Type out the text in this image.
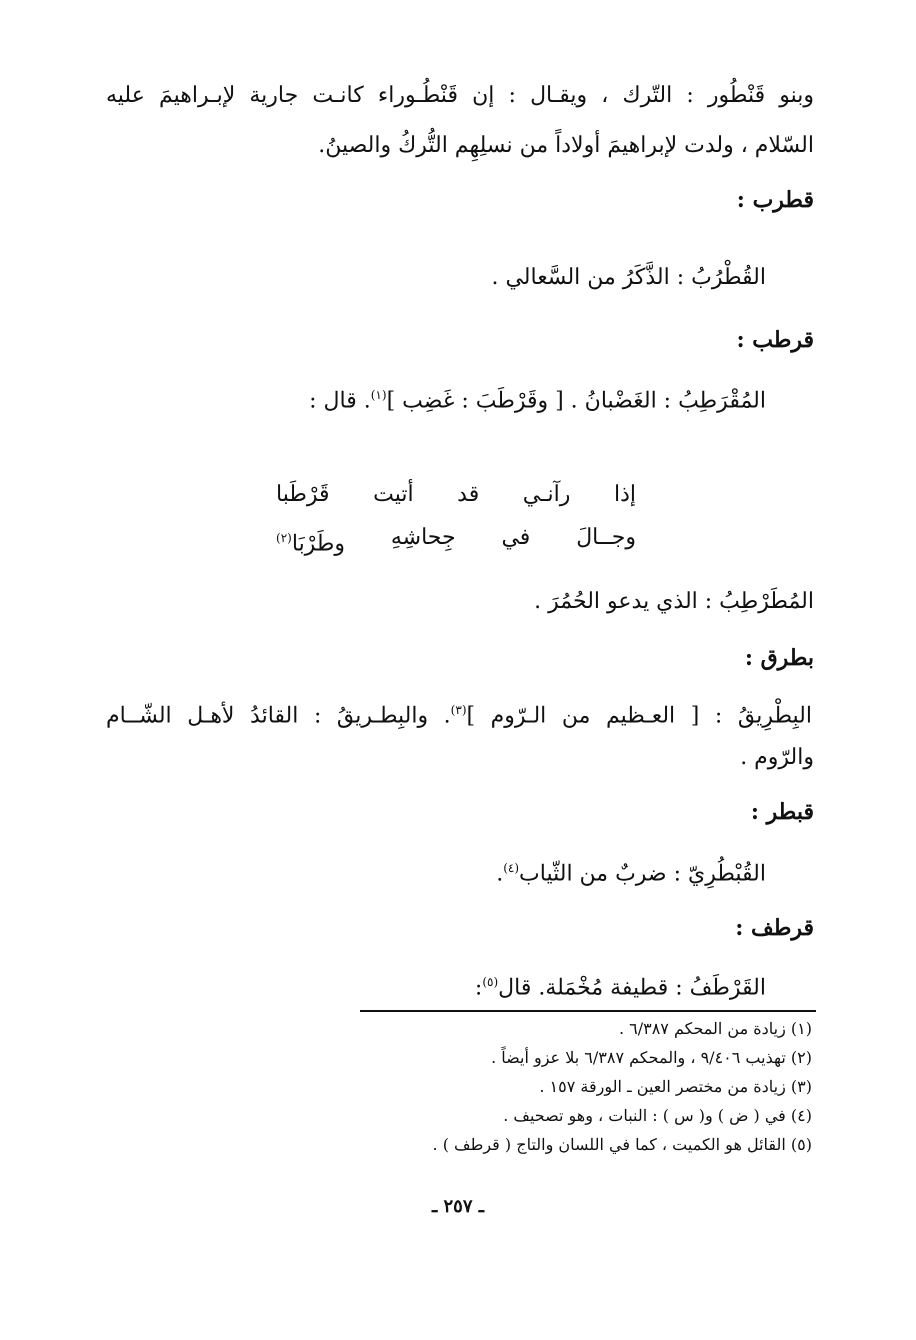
وبنو قَنْطُور : التّرك ، ويقـال : إن قَنْطُـوراء كانـت جارية لإبـراهيمَ عليه
السّلام ، ولدت لإبراهيمَ أولاداً من نسلِهِم التُّركُ والصينُ.
قطرب :
القُطْرُبُ : الذَّكَرُ من السَّعالي .
قرطب :
المُقْرَطِبُ : الغَضْبانُ . [ وقَرْطَبَ : غَضِب ]$^{(١)}$. قال :
إذا
رآنـي
قد
أتيت
قَرْطَبا
وجــالَ
في
جِحاشِهِ
وطَرْبَا$^{(٢)}$
المُطَرْطِبُ : الذي يدعو الحُمُرَ .
بطرق :
البِطْرِيقُ : [ العـظيم من الـرّوم ]$^{(٣)}$. والبِطـريقُ : القائدُ لأهـل الشّــام
والرّوم .
قبطر :
القُبْطُرِيّ : ضربٌ من الثّياب$^{(٤)}$.
قرطف :
القَرْطَفُ : قطيفة مُخْمَلة. قال$^{(٥)}$:
(١) زيادة من المحكم ٦/٣٨٧ .
(٢) تهذيب ٩/٤٠٦ ، والمحكم ٦/٣٨٧ بلا عزو أيضاً .
(٣) زيادة من مختصر العين ـ الورقة ١٥٧ .
(٤) في ( ض ) و( س ) : النبات ، وهو تصحيف .
(٥) القائل هو الكميت ، كما في اللسان والتاج ( قرطف ) .
ـ ٢٥٧ ـ
